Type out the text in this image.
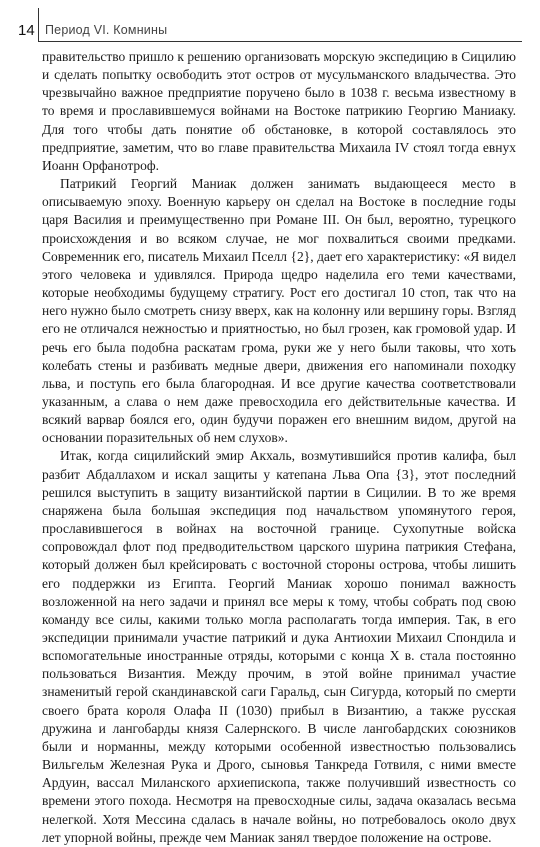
14 Период VI. Комнины

правительство пришло к решению организовать морскую экспедицию в Сицилию и сделать попытку освободить этот остров от мусульманского владычества. Это чрезвычайно важное предприятие поручено было в 1038 г. весьма известному в то время и прославившемуся войнами на Востоке патрикию Георгию Маниаку. Для того чтобы дать понятие об обстановке, в которой составлялось это предприятие, заметим, что во главе правительства Михаила IV стоял тогда евнух Иоанн Орфанотроф.

Патрикий Георгий Маниак должен занимать выдающееся место в описываемую эпоху. Военную карьеру он сделал на Востоке в последние годы царя Василия и преимущественно при Романе III. Он был, вероятно, турецкого происхождения и во всяком случае, не мог похвалиться своими предками. Современник его, писатель Михаил Пселл {2}, дает его характеристику: «Я видел этого человека и удивлялся. Природа щедро наделила его теми качествами, которые необходимы будущему стратигу. Рост его достигал 10 стоп, так что на него нужно было смотреть снизу вверх, как на колонну или вершину горы. Взгляд его не отличался нежностью и приятностью, но был грозен, как громовой удар. И речь его была подобна раскатам грома, руки же у него были таковы, что хоть колебать стены и разбивать медные двери, движения его напоминали походку льва, и поступь его была благородная. И все другие качества соответствовали указанным, а слава о нем даже превосходила его действительные качества. И всякий варвар боялся его, один будучи поражен его внешним видом, другой на основании поразительных об нем слухов».

Итак, когда сицилийский эмир Акхаль, возмутившийся против калифа, был разбит Абдаллахом и искал защиты у катепана Льва Опа {3}, этот последний решился выступить в защиту византийской партии в Сицилии. В то же время снаряжена была большая экспедиция под начальством упомянутого героя, прославившегося в войнах на восточной границе. Сухопутные войска сопровождал флот под предводительством царского шурина патрикия Стефана, который должен был крейсировать с восточной стороны острова, чтобы лишить его поддержки из Египта. Георгий Маниак хорошо понимал важность возложенной на него задачи и принял все меры к тому, чтобы собрать под свою команду все силы, какими только могла располагать тогда империя. Так, в его экспедиции принимали участие патрикий и дука Антиохии Михаил Спондила и вспомогательные иностранные отряды, которыми с конца X в. стала постоянно пользоваться Византия. Между прочим, в этой войне принимал участие знаменитый герой скандинавской саги Гаральд, сын Сигурда, который по смерти своего брата короля Олафа II (1030) прибыл в Византию, а также русская дружина и лангобарды князя Салернского. В числе лангобардских союзников были и норманны, между которыми особенной известностью пользовались Вильгельм Железная Рука и Дрого, сыновья Танкреда Готвиля, с ними вместе Ардуин, вассал Миланского архиепископа, также получивший известность со времени этого похода. Несмотря на превосходные силы, задача оказалась весьма нелегкой. Хотя Мессина сдалась в начале войны, но потребовалось около двух лет упорной войны, прежде чем Маниак занял твердое положение на острове.
